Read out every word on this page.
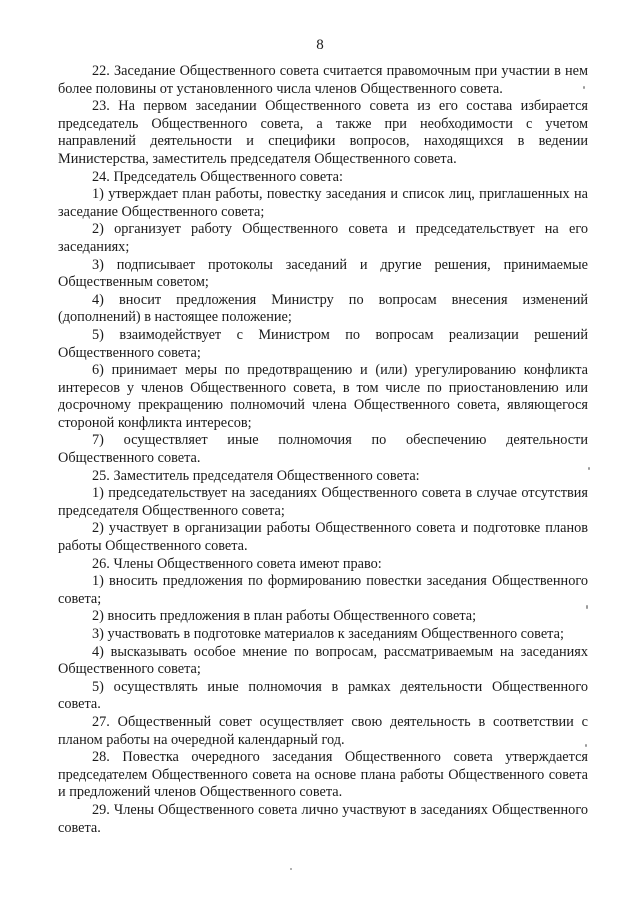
8

22. Заседание Общественного совета считается правомочным при участии в нем более половины от установленного числа членов Общественного совета.

23. На первом заседании Общественного совета из его состава избирается председатель Общественного совета, а также при необходимости с учетом направлений деятельности и специфики вопросов, находящихся в ведении Министерства, заместитель председателя Общественного совета.

24. Председатель Общественного совета:

1) утверждает план работы, повестку заседания и список лиц, приглашенных на заседание Общественного совета;

2) организует работу Общественного совета и председательствует на его заседаниях;

3) подписывает протоколы заседаний и другие решения, принимаемые Общественным советом;

4) вносит предложения Министру по вопросам внесения изменений (дополнений) в настоящее положение;

5) взаимодействует с Министром по вопросам реализации решений Общественного совета;

6) принимает меры по предотвращению и (или) урегулированию конфликта интересов у членов Общественного совета, в том числе по приостановлению или досрочному прекращению полномочий члена Общественного совета, являющегося стороной конфликта интересов;

7) осуществляет иные полномочия по обеспечению деятельности Общественного совета.

25. Заместитель председателя Общественного совета:

1) председательствует на заседаниях Общественного совета в случае отсутствия председателя Общественного совета;

2) участвует в организации работы Общественного совета и подготовке планов работы Общественного совета.

26. Члены Общественного совета имеют право:

1) вносить предложения по формированию повестки заседания Общественного совета;

2) вносить предложения в план работы Общественного совета;

3) участвовать в подготовке материалов к заседаниям Общественного совета;

4) высказывать особое мнение по вопросам, рассматриваемым на заседаниях Общественного совета;

5) осуществлять иные полномочия в рамках деятельности Общественного совета.

27. Общественный совет осуществляет свою деятельность в соответствии с планом работы на очередной календарный год.

28. Повестка очередного заседания Общественного совета утверждается председателем Общественного совета на основе плана работы Общественного совета и предложений членов Общественного совета.

29. Члены Общественного совета лично участвуют в заседаниях Общественного совета.
